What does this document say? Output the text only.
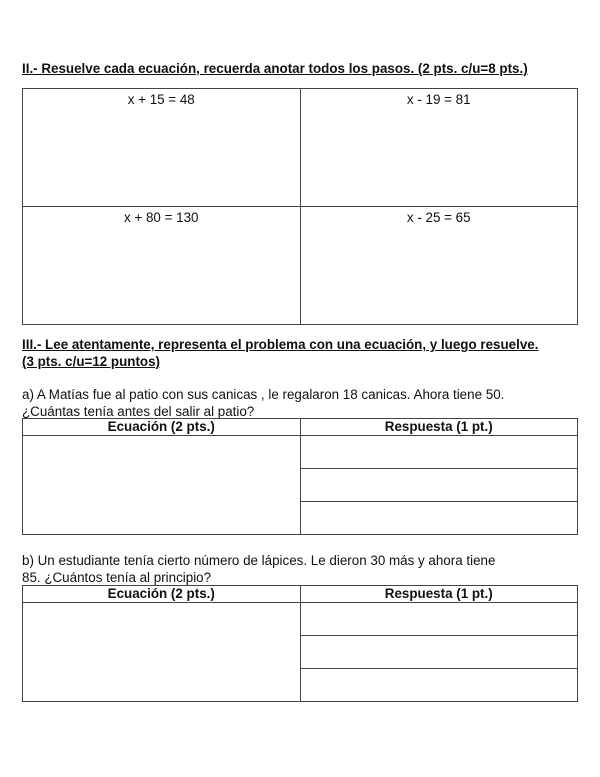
II.- Resuelve cada ecuación, recuerda anotar todos los pasos. (2 pts. c/u=8 pts.)

x + 15 = 48	x - 19 = 81
x + 80 = 130	x - 25 = 65

III.- Lee atentamente, representa el problema con una ecuación, y luego resuelve.
(3 pts. c/u=12 puntos)

a) A Matías fue al patio con sus canicas , le regalaron 18 canicas. Ahora tiene 50.
¿Cuántas tenía antes del salir al patio?

Ecuación (2 pts.)	Respuesta (1 pt.)

b) Un estudiante tenía cierto número de lápices. Le dieron 30 más y ahora tiene
85. ¿Cuántos tenía al principio?

Ecuación (2 pts.)	Respuesta (1 pt.)
